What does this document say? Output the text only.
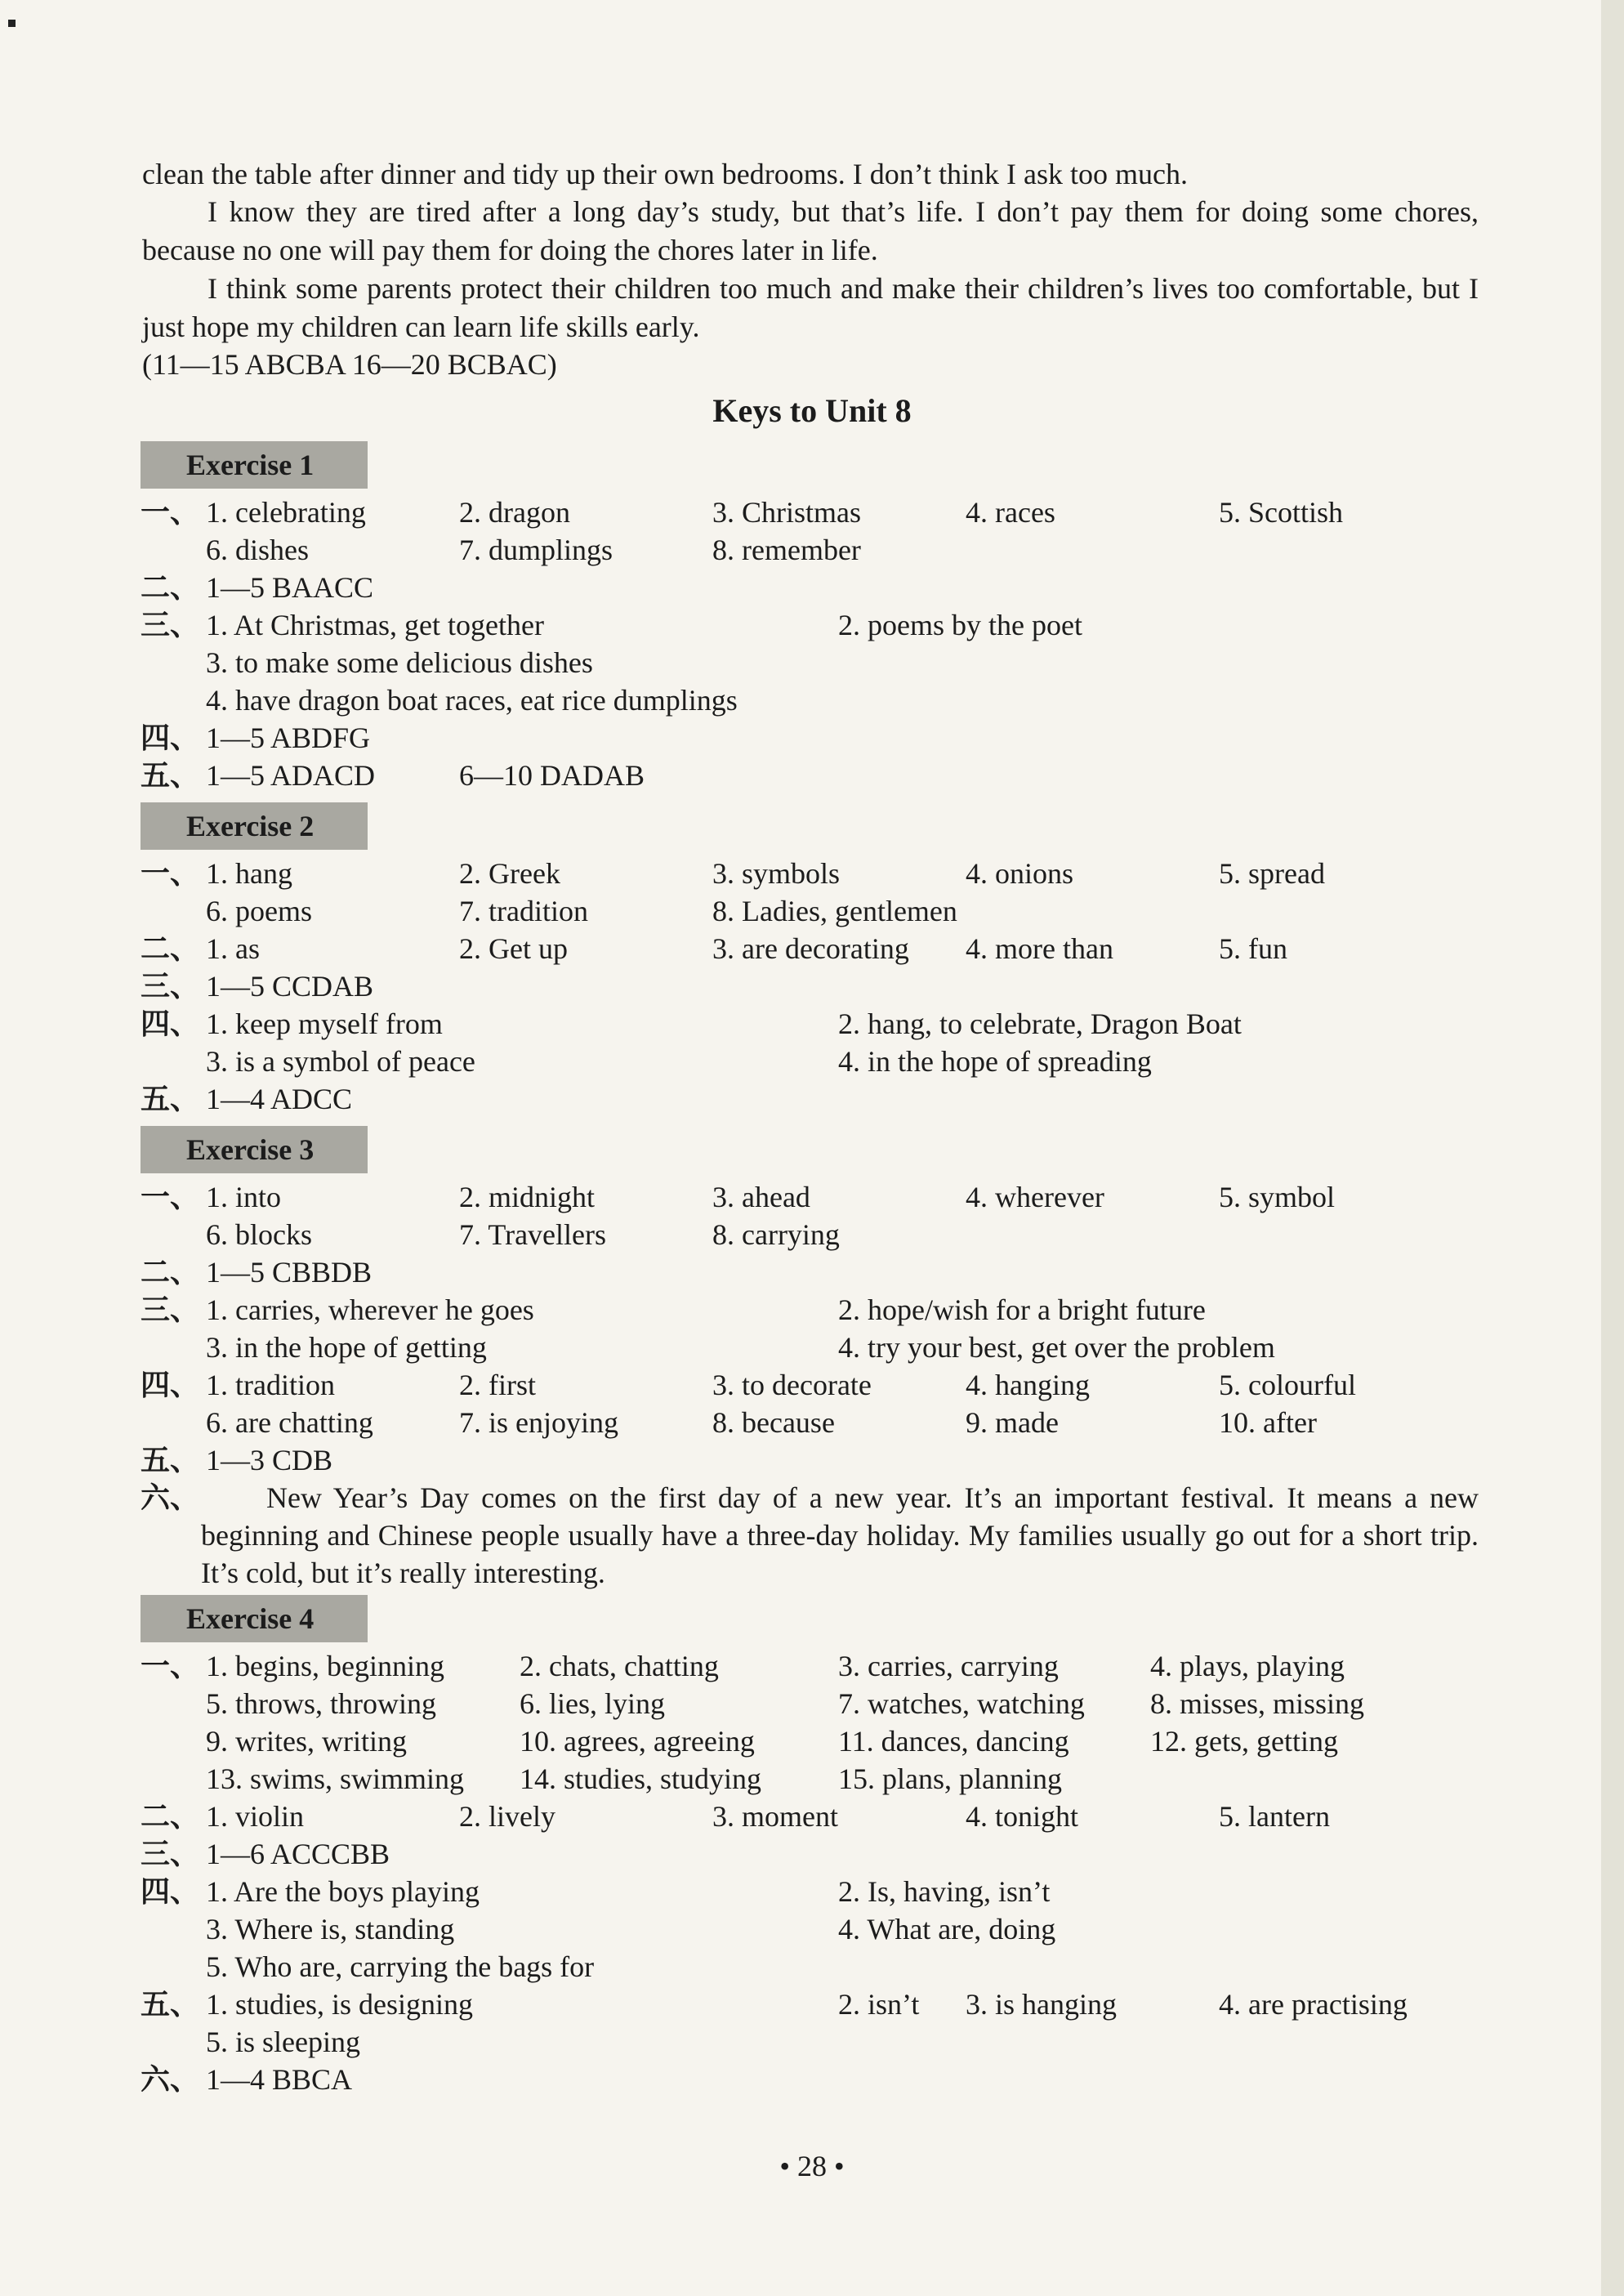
clean the table after dinner and tidy up their own bedrooms. I don’t think I ask too much.

I know they are tired after a long day’s study, but that’s life. I don’t pay them for doing some chores, because no one will pay them for doing the chores later in life.

I think some parents protect their children too much and make their children’s lives too comfortable, but I just hope my children can learn life skills early.

(11—15 ABCBA 16—20 BCBAC)
Keys to Unit 8
Exercise 1
一、 1. celebrating	2. dragon	3. Christmas	4. races	5. Scottish
6. dishes	7. dumplings	8. remember
二、 1—5 BAACC
三、 1. At Christmas, get together	2. poems by the poet
3. to make some delicious dishes
4. have dragon boat races, eat rice dumplings
四、 1—5 ABDFG
五、 1—5 ADACD	6—10 DADAB
Exercise 2
一、 1. hang	2. Greek	3. symbols	4. onions	5. spread
6. poems	7. tradition	8. Ladies, gentlemen
二、 1. as	2. Get up	3. are decorating 4. more than	5. fun
三、 1—5 CCDAB
四、 1. keep myself from	2. hang, to celebrate, Dragon Boat
3. is a symbol of peace	4. in the hope of spreading
五、 1—4 ADCC
Exercise 3
一、 1. into	2. midnight	3. ahead	4. wherever	5. symbol
6. blocks	7. Travellers	8. carrying
二、 1—5 CBBDB
三、 1. carries, wherever he goes	2. hope/wish for a bright future
3. in the hope of getting	4. try your best, get over the problem
四、 1. tradition	2. first	3. to decorate	4. hanging	5. colourful
6. are chatting	7. is enjoying	8. because	9. made	10. after
五、 1—3 CDB
六、	New Year’s Day comes on the first day of a new year. It’s an important festival. It means a new beginning and Chinese people usually have a three-day holiday. My families usually go out for a short trip. It’s cold, but it’s really interesting.

Exercise 4
一、 1. begins, beginning	2. chats, chatting	3. carries, carrying	4. plays, playing
5. throws, throwing	6. lies, lying	7. watches, watching 8. misses, missing
9. writes, writing	10. agrees, agreeing	11. dances, dancing	12. gets, getting
13. swims, swimming 14. studies, studying	15. plans, planning
二、 1. violin	2. lively	3. moment	4. tonight	5. lantern
三、 1—6 ACCCBB
四、 1. Are the boys playing	2. Is, having, isn’t
3. Where is, standing	4. What are, doing
5. Who are, carrying the bags for
五、 1. studies, is designing	2. isn’t 3. is hanging	4. are practising
5. is sleeping
六、 1—4 BBCA
• 28 •
